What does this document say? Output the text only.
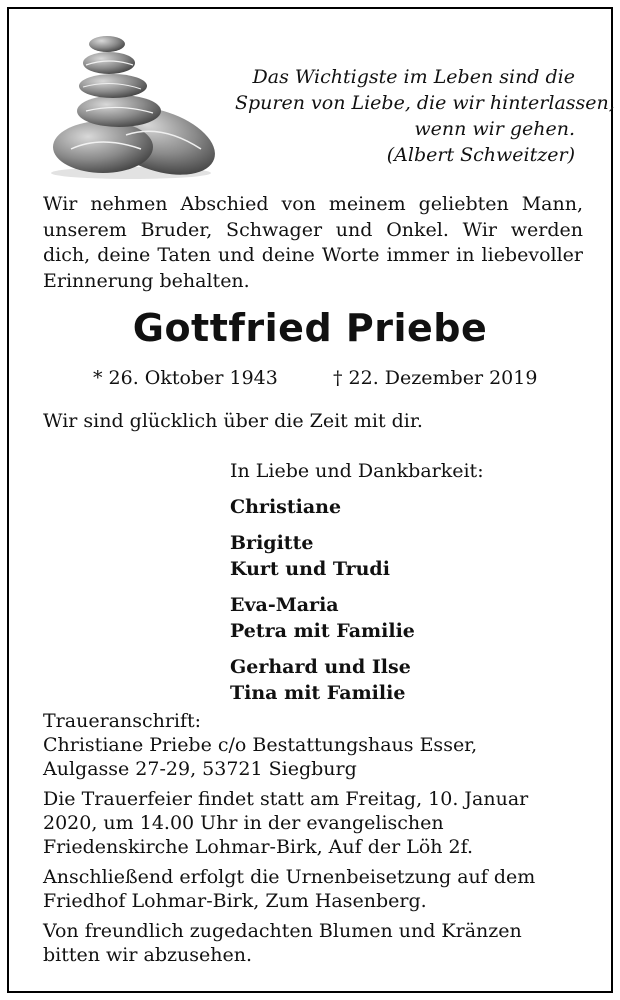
Das Wichtigste im Leben sind die
Spuren von Liebe, die wir hinterlassen,
wenn wir gehen.
(Albert Schweitzer)
Wir nehmen Abschied von meinem geliebten Mann, unserem Bruder, Schwager und Onkel. Wir werden dich, deine Taten und deine Worte immer in liebevoller Erinnerung behalten.
Gottfried Priebe
* 26. Oktober 1943	† 22. Dezember 2019
Wir sind glücklich über die Zeit mit dir.
In Liebe und Dankbarkeit:
Christiane
Brigitte
Kurt und Trudi
Eva-Maria
Petra mit Familie
Gerhard und Ilse
Tina mit Familie
Traueranschrift:
Christiane Priebe c/o Bestattungshaus Esser,
Aulgasse 27-29, 53721 Siegburg

Die Trauerfeier findet statt am Freitag, 10. Januar 2020, um 14.00 Uhr in der evangelischen Friedenskirche Lohmar-Birk, Auf der Löh 2f.

Anschließend erfolgt die Urnenbeisetzung auf dem Friedhof Lohmar-Birk, Zum Hasenberg.

Von freundlich zugedachten Blumen und Kränzen bitten wir abzusehen.
